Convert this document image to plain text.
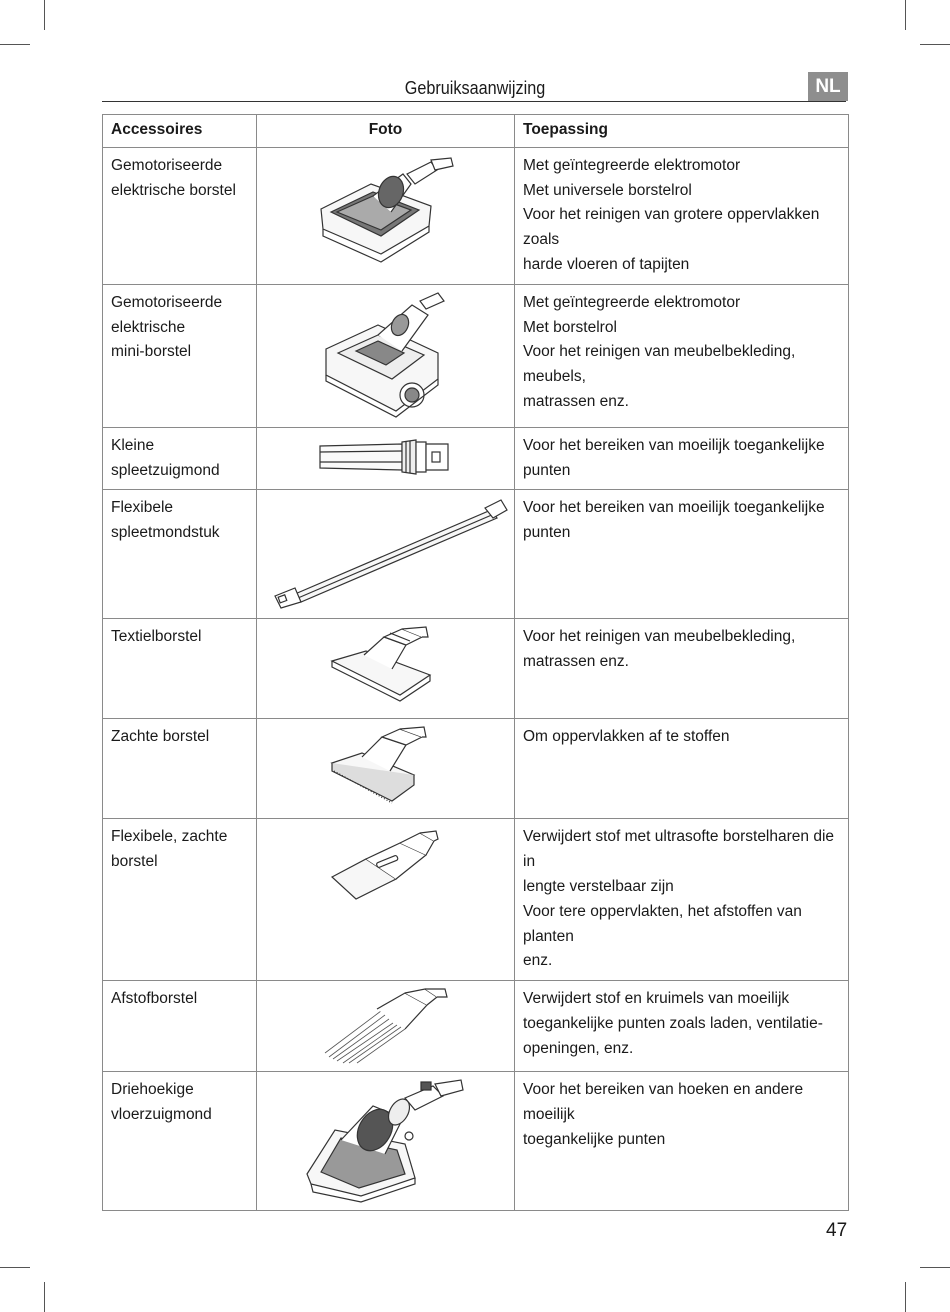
Gebruiksaanwijzing	NL
Accessoires	Foto	Toepassing

Gemotoriseerde
elektrische borstel		Met geïntegreerde elektromotor
Met universele borstelrol
Voor het reinigen van grotere oppervlakken zoals
harde vloeren of tapijten

Gemotoriseerde
elektrische
mini-borstel		Met geïntegreerde elektromotor
Met borstelrol
Voor het reinigen van meubelbekleding, meubels,
matrassen enz.

Kleine
spleetzuigmond		Voor het bereiken van moeilijk toegankelijke
punten

Flexibele
spleetmondstuk		Voor het bereiken van moeilijk toegankelijke
punten

Textielborstel		Voor het reinigen van meubelbekleding,
matrassen enz.

Zachte borstel		Om oppervlakken af te stoffen

Flexibele, zachte
borstel		Verwijdert stof met ultrasofte borstelharen die in
lengte verstelbaar zijn
Voor tere oppervlakten, het afstoffen van planten
enz.

Afstofborstel		Verwijdert stof en kruimels van moeilijk
toegankelijke punten zoals laden, ventilatie-
openingen, enz.

Driehoekige
vloerzuigmond		Voor het bereiken van hoeken en andere moeilijk
toegankelijke punten
47
